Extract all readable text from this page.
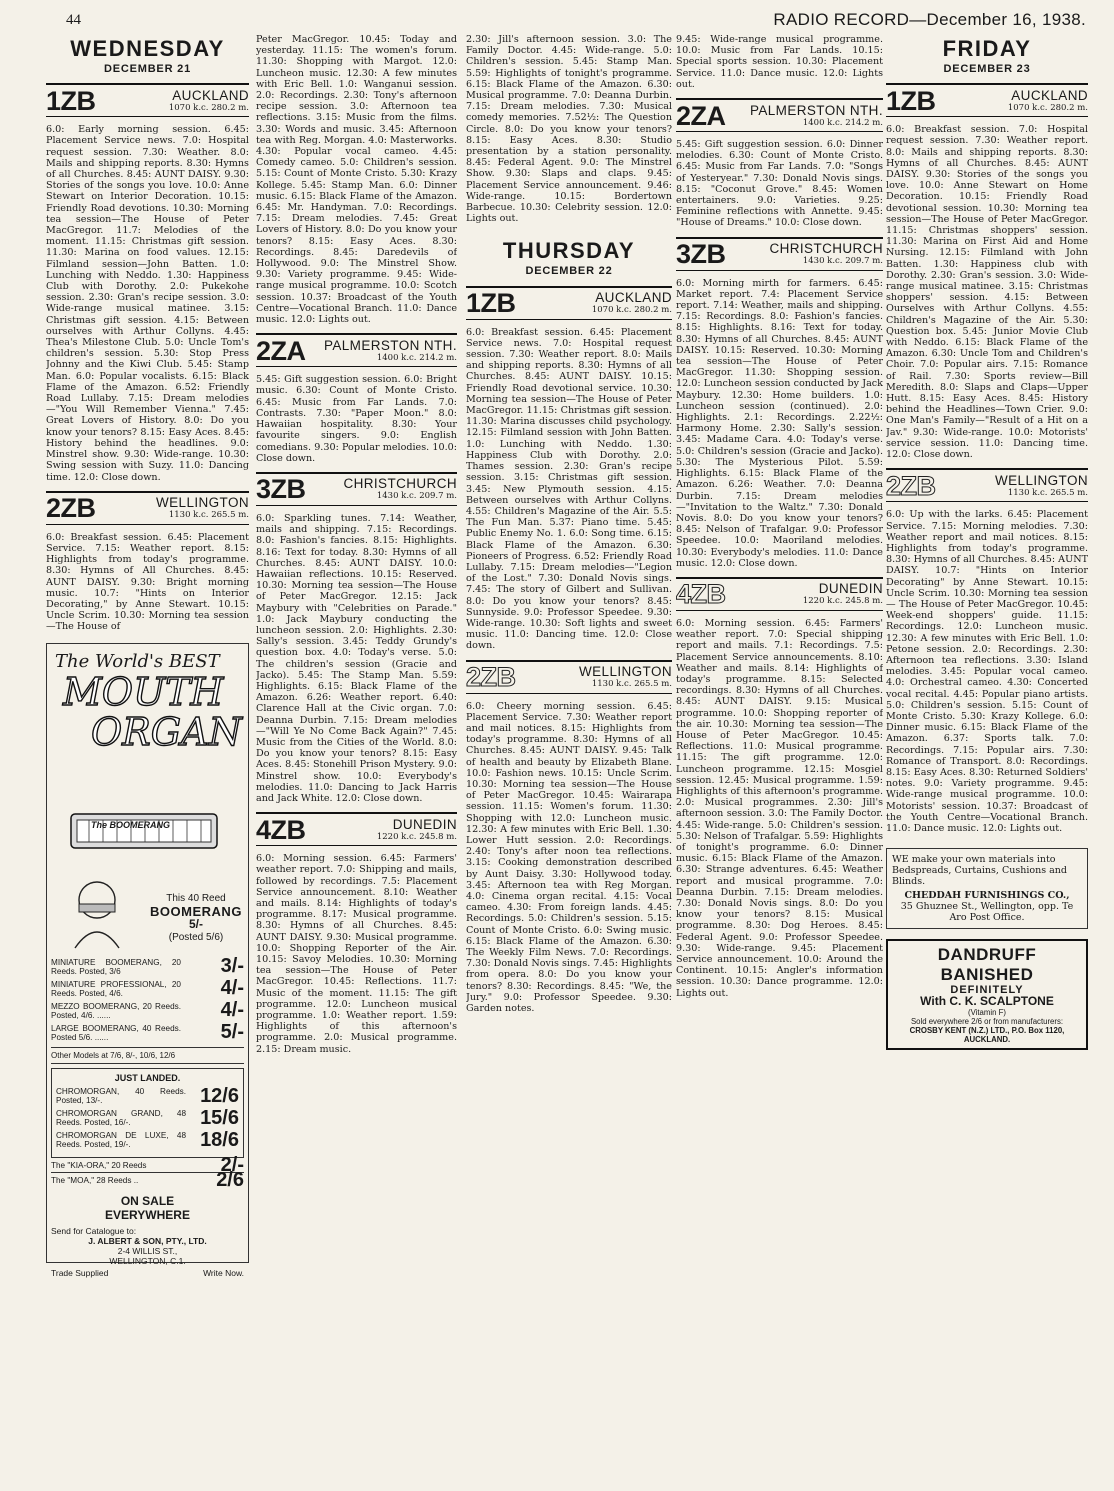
44	RADIO RECORD—December 16, 1938.
WEDNESDAY
DECEMBER 21
1ZB	AUCKLAND
1070 k.c. 280.2 m.
6.0: Early morning session. 6.45: Placement Service news. 7.0: Hospital request session. 7.30: Weather. 8.0: Mails and shipping reports. 8.30: Hymns of all Churches. 8.45: AUNT DAISY. 9.30: Stories of the songs you love. 10.0: Anne Stewart on Interior Decoration. 10.15: Friendly Road devotions. 10.30: Morning tea session—The House of Peter MacGregor. 11.7: Melodies of the moment. 11.15: Christmas gift session. 11.30: Marina on food values. 12.15: Filmland session—John Batten. 1.0: Lunching with Neddo. 1.30: Happiness Club with Dorothy. 2.0: Pukekohe session. 2.30: Gran's recipe session. 3.0: Wide-range musical matinee. 3.15: Christmas gift session. 4.15: Between ourselves with Arthur Collyns. 4.45: Thea's Milestone Club. 5.0: Uncle Tom's children's session. 5.30: Stop Press Johnny and the Kiwi Club. 5.45: Stamp Man. 6.0: Popular vocalists. 6.15: Black Flame of the Amazon. 6.52: Friendly Road Lullaby. 7.15: Dream melodies—"You Will Remember Vienna." 7.45: Great Lovers of History. 8.0: Do you know your tenors? 8.15: Easy Aces. 8.45: History behind the headlines. 9.0: Minstrel show. 9.30: Wide-range. 10.30: Swing session with Suzy. 11.0: Dancing time. 12.0: Close down.
2ZB	WELLINGTON
1130 k.c. 265.5 m.
6.0: Breakfast session. 6.45: Placement Service. 7.15: Weather report. 8.15: Highlights from today's programme. 8.30: Hymns of All Churches. 8.45: AUNT DAISY. 9.30: Bright morning music. 10.7: "Hints on Interior Decorating," by Anne Stewart. 10.15: Uncle Scrim. 10.30: Morning tea session—The House of
The World's BEST
MOUTH
ORGAN
The BOOMERANG
This 40 Reed
BOOMERANG
5/-
(Posted 5/6)
MINIATURE BOOMERANG, 20 Reeds. Posted, 3/6	3/-
MINIATURE PROFESSIONAL, 20 Reeds. Posted, 4/6.	4/-
MEZZO BOOMERANG, 20 Reeds. Posted, 4/6. ......	4/-
LARGE BOOMERANG, 40 Reeds. Posted 5/6. ......	5/-
Other Models at 7/6, 8/-, 10/6, 12/6
JUST LANDED.
CHROMORGAN, 40 Reeds. Posted, 13/-.	12/6
CHROMORGAN GRAND, 48 Reeds. Posted, 16/-.	15/6
CHROMORGAN DE LUXE, 48 Reeds. Posted, 19/-.	18/6
The "KIA-ORA," 20 Reeds	2/-
The "MOA," 28 Reeds ..	2/6
ON SALE
EVERYWHERE
Send for Catalogue to:
J. ALBERT & SON, PTY., LTD.
2-4 WILLIS ST.,
WELLINGTON, C.1.
Trade Supplied	Write Now.
Peter MacGregor. 10.45: Today and yesterday. 11.15: The women's forum. 11.30: Shopping with Margot. 12.0: Luncheon music. 12.30: A few minutes with Eric Bell. 1.0: Wanganui session. 2.0: Recordings. 2.30: Tony's afternoon recipe session. 3.0: Afternoon tea reflections. 3.15: Music from the films. 3.30: Words and music. 3.45: Afternoon tea with Reg. Morgan. 4.0: Masterworks. 4.30: Popular vocal cameo. 4.45: Comedy cameo. 5.0: Children's session. 5.15: Count of Monte Cristo. 5.30: Krazy Kollege. 5.45: Stamp Man. 6.0: Dinner music. 6.15: Black Flame of the Amazon. 6.45: Mr. Handyman. 7.0: Recordings. 7.15: Dream melodies. 7.45: Great Lovers of History. 8.0: Do you know your tenors? 8.15: Easy Aces. 8.30: Recordings. 8.45: Daredevils of Hollywood. 9.0: The Minstrel Show. 9.30: Variety programme. 9.45: Wide-range musical programme. 10.0: Scotch session. 10.37: Broadcast of the Youth Centre—Vocational Branch. 11.0: Dance music. 12.0: Lights out.
2ZA	PALMERSTON NTH.
1400 k.c. 214.2 m.
5.45: Gift suggestion session. 6.0: Bright music. 6.30: Count of Monte Cristo. 6.45: Music from Far Lands. 7.0: Contrasts. 7.30: "Paper Moon." 8.0: Hawaiian hospitality. 8.30: Your favourite singers. 9.0: English comedians. 9.30: Popular melodies. 10.0: Close down.
3ZB	CHRISTCHURCH
1430 k.c. 209.7 m.
6.0: Sparkling tunes. 7.14: Weather, mails and shipping. 7.15: Recordings. 8.0: Fashion's fancies. 8.15: Highlights. 8.16: Text for today. 8.30: Hymns of all Churches. 8.45: AUNT DAISY. 10.0: Hawaiian reflections. 10.15: Reserved. 10.30: Morning tea session—The House of Peter MacGregor. 12.15: Jack Maybury with "Celebrities on Parade." 1.0: Jack Maybury conducting the luncheon session. 2.0: Highlights. 2.30: Sally's session. 3.45: Teddy Grundy's question box. 4.0: Today's verse. 5.0: The children's session (Gracie and Jacko). 5.45: The Stamp Man. 5.59: Highlights. 6.15: Black Flame of the Amazon. 6.26: Weather report. 6.40: Clarence Hall at the Civic organ. 7.0: Deanna Durbin. 7.15: Dream melodies—"Will Ye No Come Back Again?" 7.45: Music from the Cities of the World. 8.0: Do you know your tenors? 8.15: Easy Aces. 8.45: Stonehill Prison Mystery. 9.0: Minstrel show. 10.0: Everybody's melodies. 11.0: Dancing to Jack Harris and Jack White. 12.0: Close down.
4ZB	DUNEDIN
1220 k.c. 245.8 m.
6.0: Morning session. 6.45: Farmers' weather report. 7.0: Shipping and mails, followed by recordings. 7.5: Placement Service announcement. 8.10: Weather and mails. 8.14: Highlights of today's programme. 8.17: Musical programme. 8.30: Hymns of all Churches. 8.45: AUNT DAISY. 9.30: Musical programme. 10.0: Shopping Reporter of the Air. 10.15: Savoy Melodies. 10.30: Morning tea session—The House of Peter MacGregor. 10.45: Reflections. 11.7: Music of the moment. 11.15: The gift programme. 12.0: Luncheon musical programme. 1.0: Weather report. 1.59: Highlights of this afternoon's programme. 2.0: Musical programme. 2.15: Dream music.
2.30: Jill's afternoon session. 3.0: The Family Doctor. 4.45: Wide-range. 5.0: Children's session. 5.45: Stamp Man. 5.59: Highlights of tonight's programme. 6.15: Black Flame of the Amazon. 6.30: Musical programme. 7.0: Deanna Durbin. 7.15: Dream melodies. 7.30: Musical comedy memories. 7.52½: The Question Circle. 8.0: Do you know your tenors? 8.15: Easy Aces. 8.30: Studio presentation by a station personality. 8.45: Federal Agent. 9.0: The Minstrel Show. 9.30: Slaps and claps. 9.45: Placement Service announcement. 9.46: Wide-range. 10.15: Bordertown Barbecue. 10.30: Celebrity session. 12.0: Lights out.
THURSDAY
DECEMBER 22
1ZB	AUCKLAND
1070 k.c. 280.2 m.
6.0: Breakfast session. 6.45: Placement Service news. 7.0: Hospital request session. 7.30: Weather report. 8.0: Mails and shipping reports. 8.30: Hymns of all Churches. 8.45: AUNT DAISY. 10.15: Friendly Road devotional service. 10.30: Morning tea session—The House of Peter MacGregor. 11.15: Christmas gift session. 11.30: Marina discusses child psychology. 12.15: Filmland session with John Batten. 1.0: Lunching with Neddo. 1.30: Happiness Club with Dorothy. 2.0: Thames session. 2.30: Gran's recipe session. 3.15: Christmas gift session. 3.45: New Plymouth session. 4.15: Between ourselves with Arthur Collyns. 4.55: Children's Magazine of the Air. 5.5: The Fun Man. 5.37: Piano time. 5.45: Public Enemy No. 1. 6.0: Song time. 6.15: Black Flame of the Amazon. 6.30: Pioneers of Progress. 6.52: Friendly Road Lullaby. 7.15: Dream melodies—"Legion of the Lost." 7.30: Donald Novis sings. 7.45: The story of Gilbert and Sullivan. 8.0: Do you know your tenors? 8.45: Sunnyside. 9.0: Professor Speedee. 9.30: Wide-range. 10.30: Soft lights and sweet music. 11.0: Dancing time. 12.0: Close down.
2ZB	WELLINGTON
1130 k.c. 265.5 m.
6.0: Cheery morning session. 6.45: Placement Service. 7.30: Weather report and mail notices. 8.15: Highlights from today's programme. 8.30: Hymns of all Churches. 8.45: AUNT DAISY. 9.45: Talk of health and beauty by Elizabeth Blane. 10.0: Fashion news. 10.15: Uncle Scrim. 10.30: Morning tea session—The House of Peter MacGregor. 10.45: Wairarapa session. 11.15: Women's forum. 11.30: Shopping with 12.0: Luncheon music. 12.30: A few minutes with Eric Bell. 1.30: Lower Hutt session. 2.0: Recordings. 2.40: Tony's after noon tea reflections. 3.15: Cooking demonstration described by Aunt Daisy. 3.30: Hollywood today. 3.45: Afternoon tea with Reg Morgan. 4.0: Cinema organ recital. 4.15: Vocal cameo. 4.30: From foreign lands. 4.45: Recordings. 5.0: Children's session. 5.15: Count of Monte Cristo. 6.0: Swing music. 6.15: Black Flame of the Amazon. 6.30: The Weekly Film News. 7.0: Recordings. 7.30: Donald Novis sings. 7.45: Highlights from opera. 8.0: Do you know your tenors? 8.30: Recordings. 8.45: "We, the Jury." 9.0: Professor Speedee. 9.30: Garden notes.
9.45: Wide-range musical programme. 10.0: Music from Far Lands. 10.15: Special sports session. 10.30: Placement Service. 11.0: Dance music. 12.0: Lights out.
2ZA	PALMERSTON NTH.
1400 k.c. 214.2 m.
5.45: Gift suggestion session. 6.0: Dinner melodies. 6.30: Count of Monte Cristo. 6.45: Music from Far Lands. 7.0: "Songs of Yesteryear." 7.30: Donald Novis sings. 8.15: "Coconut Grove." 8.45: Women entertainers. 9.0: Varieties. 9.25: Feminine reflections with Annette. 9.45: "House of Dreams." 10.0: Close down.
3ZB	CHRISTCHURCH
1430 k.c. 209.7 m.
6.0: Morning mirth for farmers. 6.45: Market report. 7.4: Placement Service report. 7.14: Weather, mails and shipping. 7.15: Recordings. 8.0: Fashion's fancies. 8.15: Highlights. 8.16: Text for today. 8.30: Hymns of all Churches. 8.45: AUNT DAISY. 10.15: Reserved. 10.30: Morning tea session—The House of Peter MacGregor. 11.30: Shopping session. 12.0: Luncheon session conducted by Jack Maybury. 12.30: Home builders. 1.0: Luncheon session (continued). 2.0: Highlights. 2.1: Recordings. 2.22½: Harmony Home. 2.30: Sally's session. 3.45: Madame Cara. 4.0: Today's verse. 5.0: Children's session (Gracie and Jacko). 5.30: The Mysterious Pilot. 5.59: Highlights. 6.15: Black Flame of the Amazon. 6.26: Weather. 7.0: Deanna Durbin. 7.15: Dream melodies—"Invitation to the Waltz." 7.30: Donald Novis. 8.0: Do you know your tenors? 8.45: Nelson of Trafalgar. 9.0: Professor Speedee. 10.0: Maoriland melodies. 10.30: Everybody's melodies. 11.0: Dance music. 12.0: Close down.
4ZB	DUNEDIN
1220 k.c. 245.8 m.
6.0: Morning session. 6.45: Farmers' weather report. 7.0: Special shipping report and mails. 7.1: Recordings. 7.5: Placement Service announcements. 8.10: Weather and mails. 8.14: Highlights of today's programme. 8.15: Selected recordings. 8.30: Hymns of all Churches. 8.45: AUNT DAISY. 9.15: Musical programme. 10.0: Shopping reporter of the air. 10.30: Morning tea session—The House of Peter MacGregor. 10.45: Reflections. 11.0: Musical programme. 11.15: The gift programme. 12.0: Luncheon programme. 12.15: Mosgiel session. 12.45: Musical programme. 1.59: Highlights of this afternoon's programme. 2.0: Musical programmes. 2.30: Jill's afternoon session. 3.0: The Family Doctor. 4.45: Wide-range. 5.0: Children's session. 5.30: Nelson of Trafalgar. 5.59: Highlights of tonight's programme. 6.0: Dinner music. 6.15: Black Flame of the Amazon. 6.30: Strange adventures. 6.45: Weather report and musical programme. 7.0: Deanna Durbin. 7.15: Dream melodies. 7.30: Donald Novis sings. 8.0: Do you know your tenors? 8.15: Musical programme. 8.30: Dog Heroes. 8.45: Federal Agent. 9.0: Professor Speedee. 9.30: Wide-range. 9.45: Placement Service announcement. 10.0: Around the Continent. 10.15: Angler's information session. 10.30: Dance programme. 12.0: Lights out.
FRIDAY
DECEMBER 23
1ZB	AUCKLAND
1070 k.c. 280.2 m.
6.0: Breakfast session. 7.0: Hospital request session. 7.30: Weather report. 8.0: Mails and shipping reports. 8.30: Hymns of all Churches. 8.45: AUNT DAISY. 9.30: Stories of the songs you love. 10.0: Anne Stewart on Home Decoration. 10.15: Friendly Road devotional session. 10.30: Morning tea session—The House of Peter MacGregor. 11.15: Christmas shoppers' session. 11.30: Marina on First Aid and Home Nursing. 12.15: Filmland with John Batten. 1.30: Happiness club with Dorothy. 2.30: Gran's session. 3.0: Wide-range musical matinee. 3.15: Christmas shoppers' session. 4.15: Between Ourselves with Arthur Collyns. 4.55: Children's Magazine of the Air. 5.30: Question box. 5.45: Junior Movie Club with Neddo. 6.15: Black Flame of the Amazon. 6.30: Uncle Tom and Children's Choir. 7.0: Popular airs. 7.15: Romance of Rail. 7.30: Sports review—Bill Meredith. 8.0: Slaps and Claps—Upper Hutt. 8.15: Easy Aces. 8.45: History behind the Headlines—Town Crier. 9.0: One Man's Family—"Result of a Hit on a Jav." 9.30: Wide-range. 10.0: Motorists' service session. 11.0: Dancing time. 12.0: Close down.
2ZB	WELLINGTON
1130 k.c. 265.5 m.
6.0: Up with the larks. 6.45: Placement Service. 7.15: Morning melodies. 7.30: Weather report and mail notices. 8.15: Highlights from today's programme. 8.30: Hymns of all Churches. 8.45: AUNT DAISY. 10.7: "Hints on Interior Decorating" by Anne Stewart. 10.15: Uncle Scrim. 10.30: Morning tea session — The House of Peter MacGregor. 10.45: Week-end shoppers' guide. 11.15: Recordings. 12.0: Luncheon music. 12.30: A few minutes with Eric Bell. 1.0: Petone session. 2.0: Recordings. 2.30: Afternoon tea reflections. 3.30: Island melodies. 3.45: Popular vocal cameo. 4.0: Orchestral cameo. 4.30: Concerted vocal recital. 4.45: Popular piano artists. 5.0: Children's session. 5.15: Count of Monte Cristo. 5.30: Krazy Kollege. 6.0: Dinner music. 6.15: Black Flame of the Amazon. 6.37: Sports talk. 7.0: Recordings. 7.15: Popular airs. 7.30: Romance of Transport. 8.0: Recordings. 8.15: Easy Aces. 8.30: Returned Soldiers' notes. 9.0: Variety programme. 9.45: Wide-range musical programme. 10.0: Motorists' session. 10.37: Broadcast of the Youth Centre—Vocational Branch. 11.0: Dance music. 12.0: Lights out.
WE make your own materials into Bedspreads, Curtains, Cushions and Blinds.
CHEDDAH FURNISHINGS CO.,
35 Ghuznee St., Wellington, opp. Te Aro Post Office.
DANDRUFF BANISHED
DEFINITELY
With C. K. SCALPTONE
(Vitamin F)
Sold everywhere 2/6 or from manufacturers:
CROSBY KENT (N.Z.) LTD., P.O. Box 1120, AUCKLAND.
